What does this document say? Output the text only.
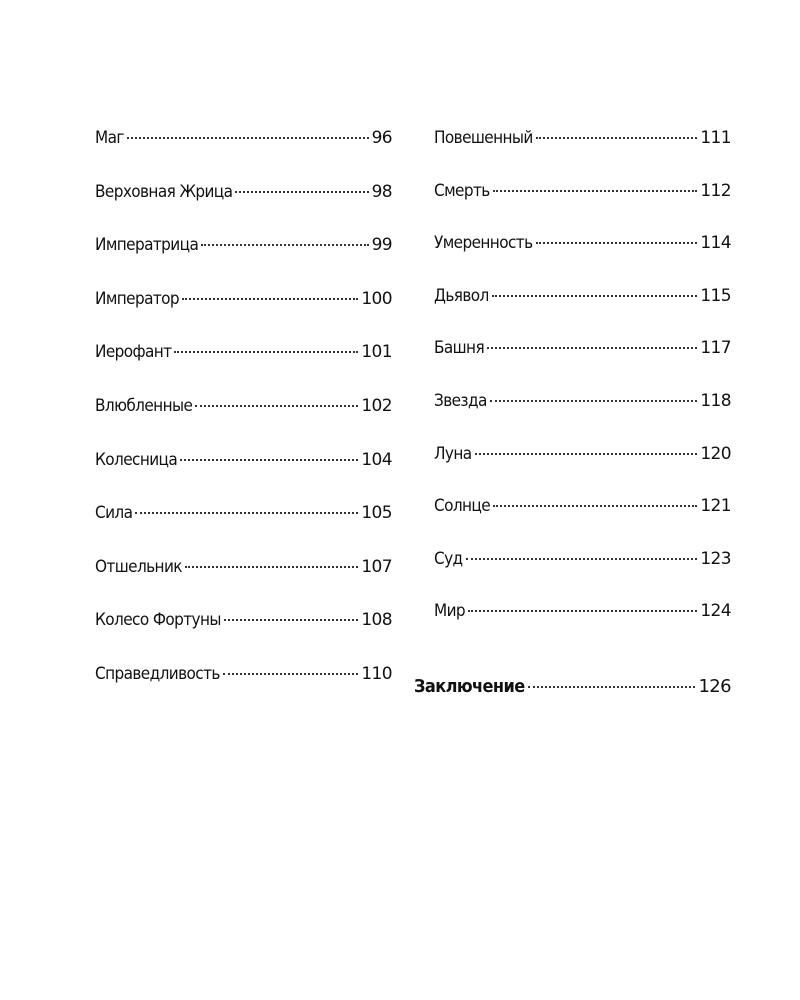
Маг	96
Верховная Жрица	98
Императрица	99
Император	100
Иерофант	101
Влюбленные	102
Колесница	104
Сила	105
Отшельник	107
Колесо Фортуны	108
Справедливость	110
Повешенный	111
Смерть	112
Умеренность	114
Дьявол	115
Башня	117
Звезда	118
Луна	120
Солнце	121
Суд	123
Мир	124
Заключение	126
